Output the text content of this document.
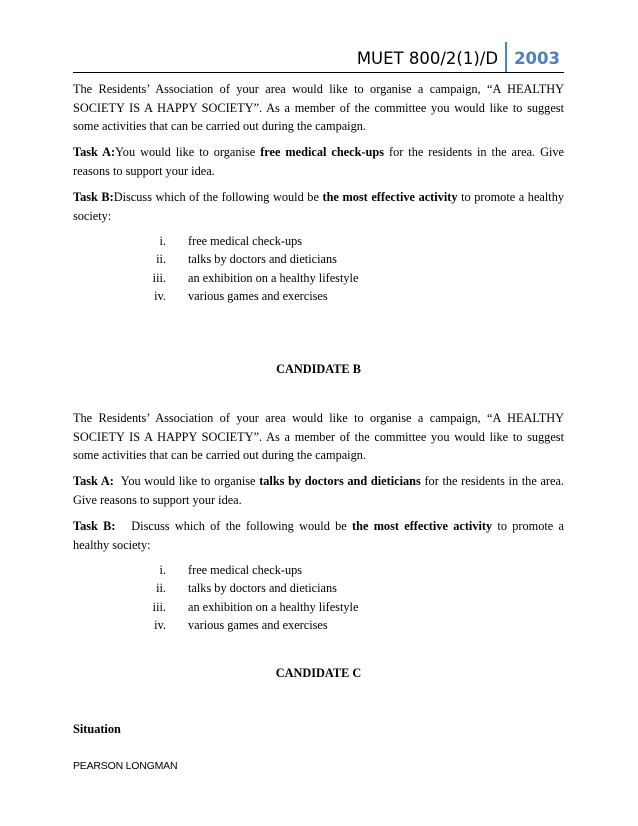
MUET 800/2(1)/D 2003

The Residents’ Association of your area would like to organise a campaign, “A HEALTHY SOCIETY IS A HAPPY SOCIETY”. As a member of the committee you would like to suggest some activities that can be carried out during the campaign.

Task A:You would like to organise free medical check-ups for the residents in the area. Give reasons to support your idea.

Task B:Discuss which of the following would be the most effective activity to promote a healthy society:

i.	free medical check-ups
ii.	talks by doctors and dieticians
iii.	an exhibition on a healthy lifestyle
iv.	various games and exercises
CANDIDATE B

The Residents’ Association of your area would like to organise a campaign, “A HEALTHY SOCIETY IS A HAPPY SOCIETY”. As a member of the committee you would like to suggest some activities that can be carried out during the campaign.

Task A:  You would like to organise talks by doctors and dieticians for the residents in the area. Give reasons to support your idea.

Task B:   Discuss which of the following would be the most effective activity to promote a healthy society:

i.	free medical check-ups
ii.	talks by doctors and dieticians
iii.	an exhibition on a healthy lifestyle
iv.	various games and exercises
CANDIDATE C
Situation
PEARSON LONGMAN
